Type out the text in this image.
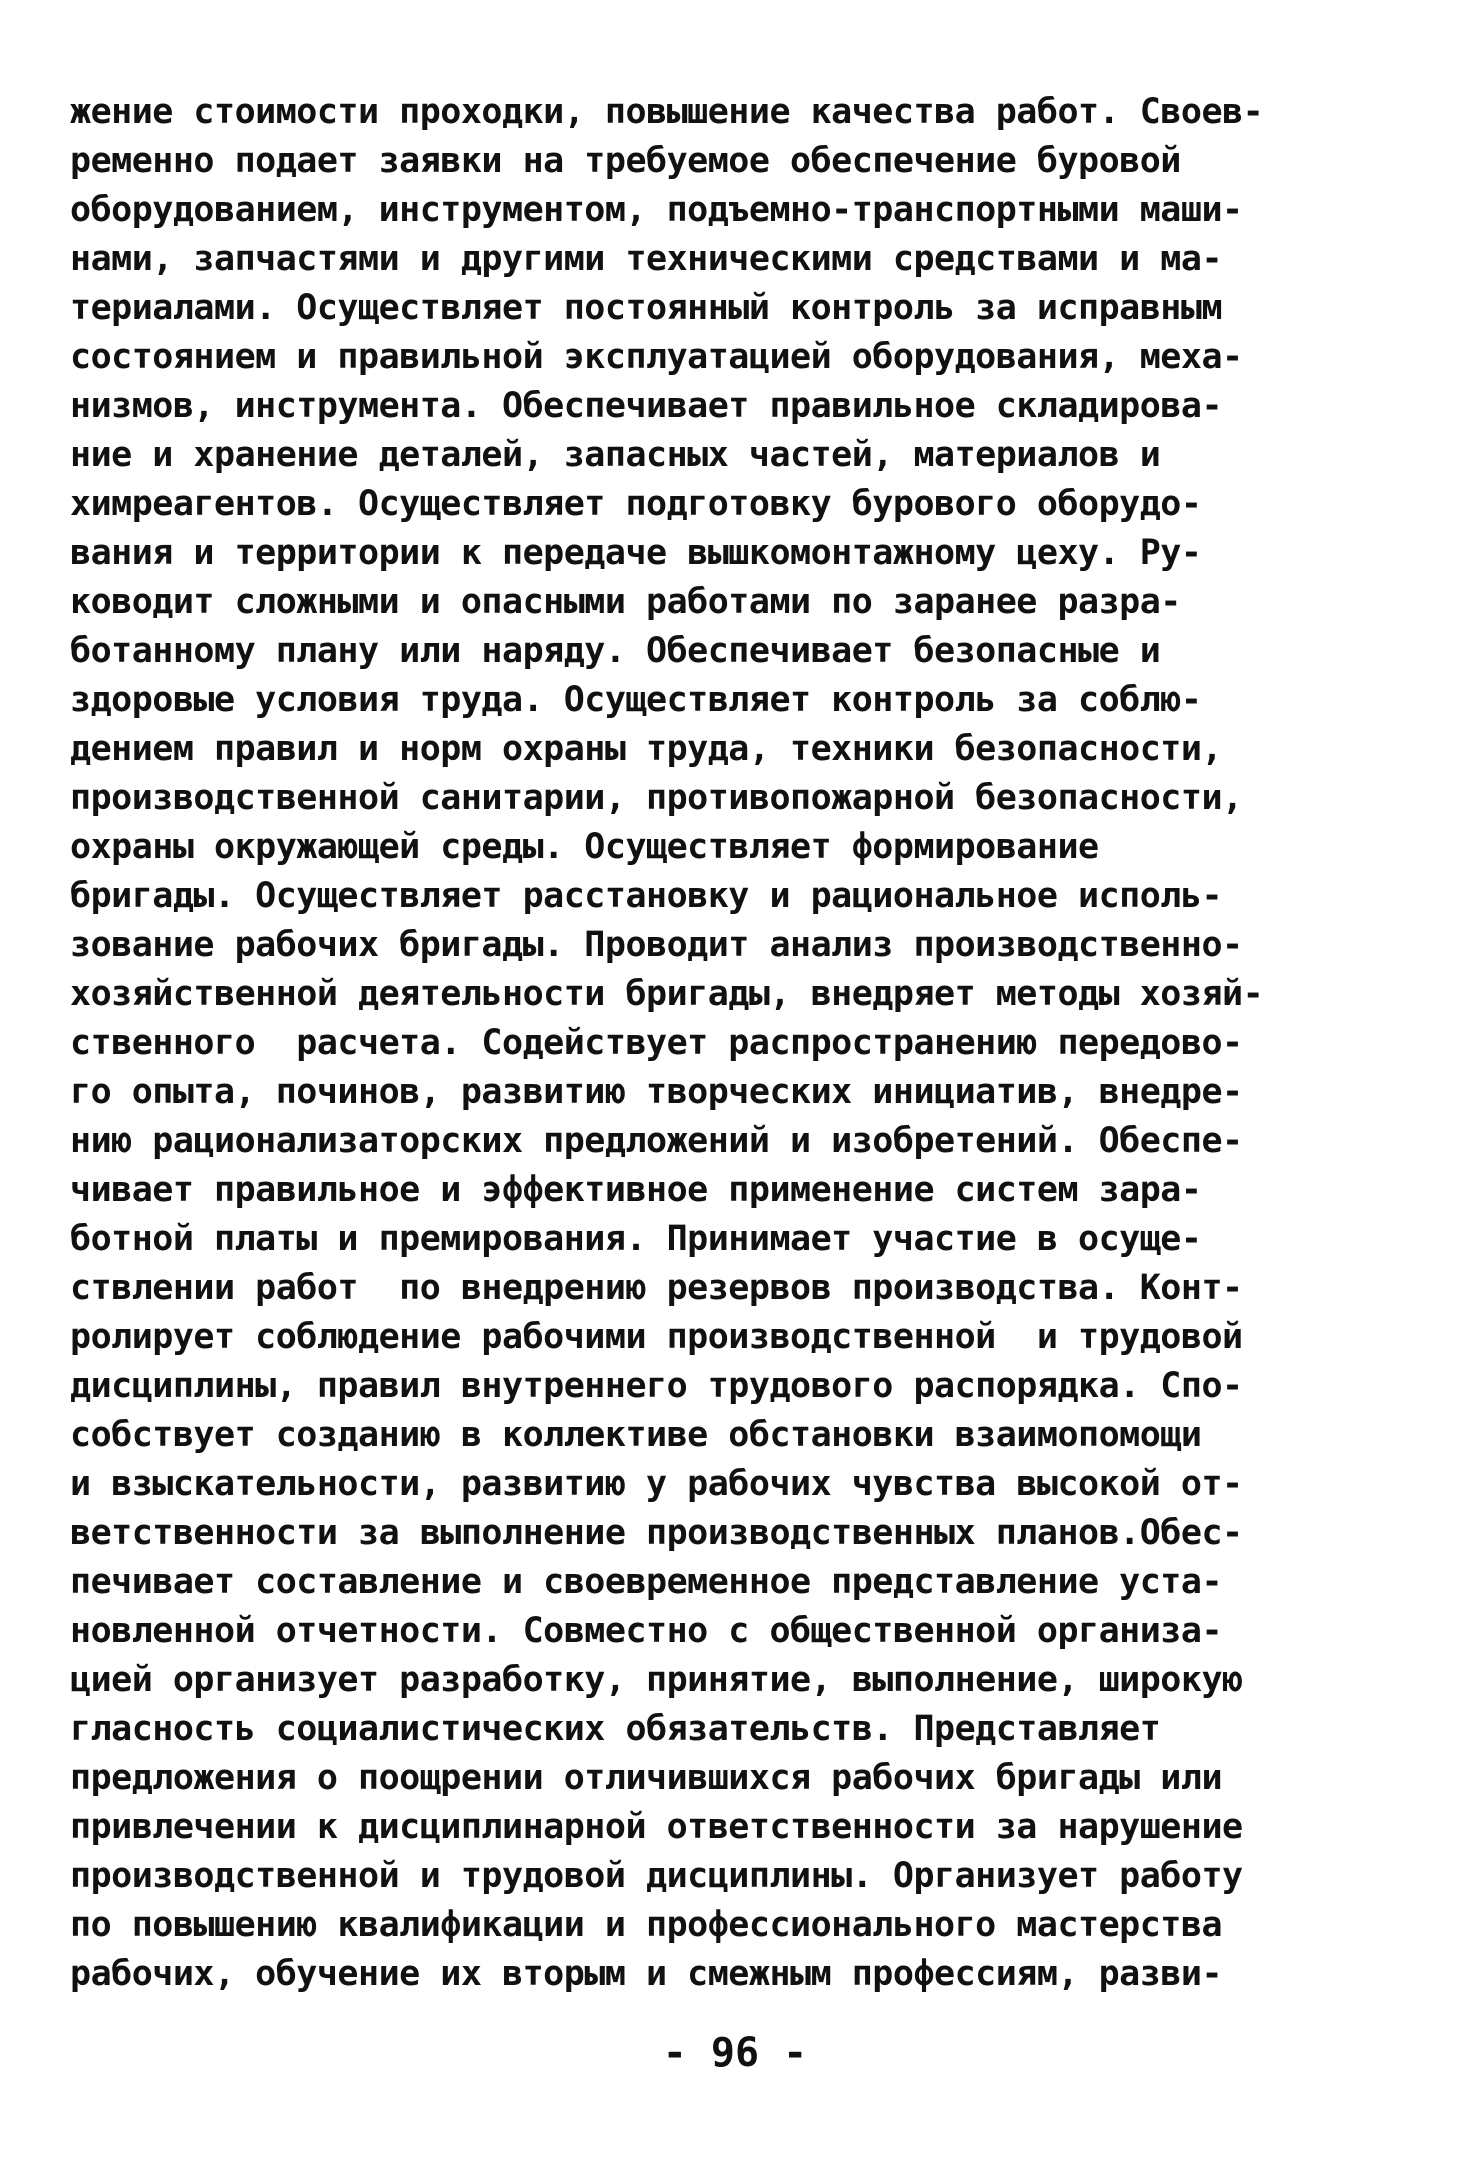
жение стоимости проходки, повышение качества работ. Своев-
ременно подает заявки на требуемое обеспечение буровой
оборудованием, инструментом, подъемно-транспортными маши-
нами, запчастями и другими техническими средствами и ма-
териалами. Осуществляет постоянный контроль за исправным
состоянием и правильной эксплуатацией оборудования, меха-
низмов, инструмента. Обеспечивает правильное складирова-
ние и хранение деталей, запасных частей, материалов и
химреагентов. Осуществляет подготовку бурового оборудо-
вания и территории к передаче вышкомонтажному цеху. Ру-
ководит сложными и опасными работами по заранее разра-
ботанному плану или наряду. Обеспечивает безопасные и
здоровые условия труда. Осуществляет контроль за соблю-
дением правил и норм охраны труда, техники безопасности,
производственной санитарии, противопожарной безопасности,
охраны окружающей среды. Осуществляет формирование
бригады. Осуществляет расстановку и рациональное исполь-
зование рабочих бригады. Проводит анализ производственно-
хозяйственной деятельности бригады, внедряет методы хозяй-
ственного  расчета. Содействует распространению передово-
го опыта, починов, развитию творческих инициатив, внедре-
нию рационализаторских предложений и изобретений. Обеспе-
чивает правильное и эффективное применение систем зара-
ботной платы и премирования. Принимает участие в осуще-
ствлении работ  по внедрению резервов производства. Конт-
ролирует соблюдение рабочими производственной  и трудовой
дисциплины, правил внутреннего трудового распорядка. Спо-
собствует созданию в коллективе обстановки взаимопомощи
и взыскательности, развитию у рабочих чувства высокой от-
ветственности за выполнение производственных планов.Обес-
печивает составление и своевременное представление уста-
новленной отчетности. Совместно с общественной организа-
цией организует разработку, принятие, выполнение, широкую
гласность социалистических обязательств. Представляет
предложения о поощрении отличившихся рабочих бригады или
привлечении к дисциплинарной ответственности за нарушение
производственной и трудовой дисциплины. Организует работу
по повышению квалификации и профессионального мастерства
рабочих, обучение их вторым и смежным профессиям, разви-
- 96 -
